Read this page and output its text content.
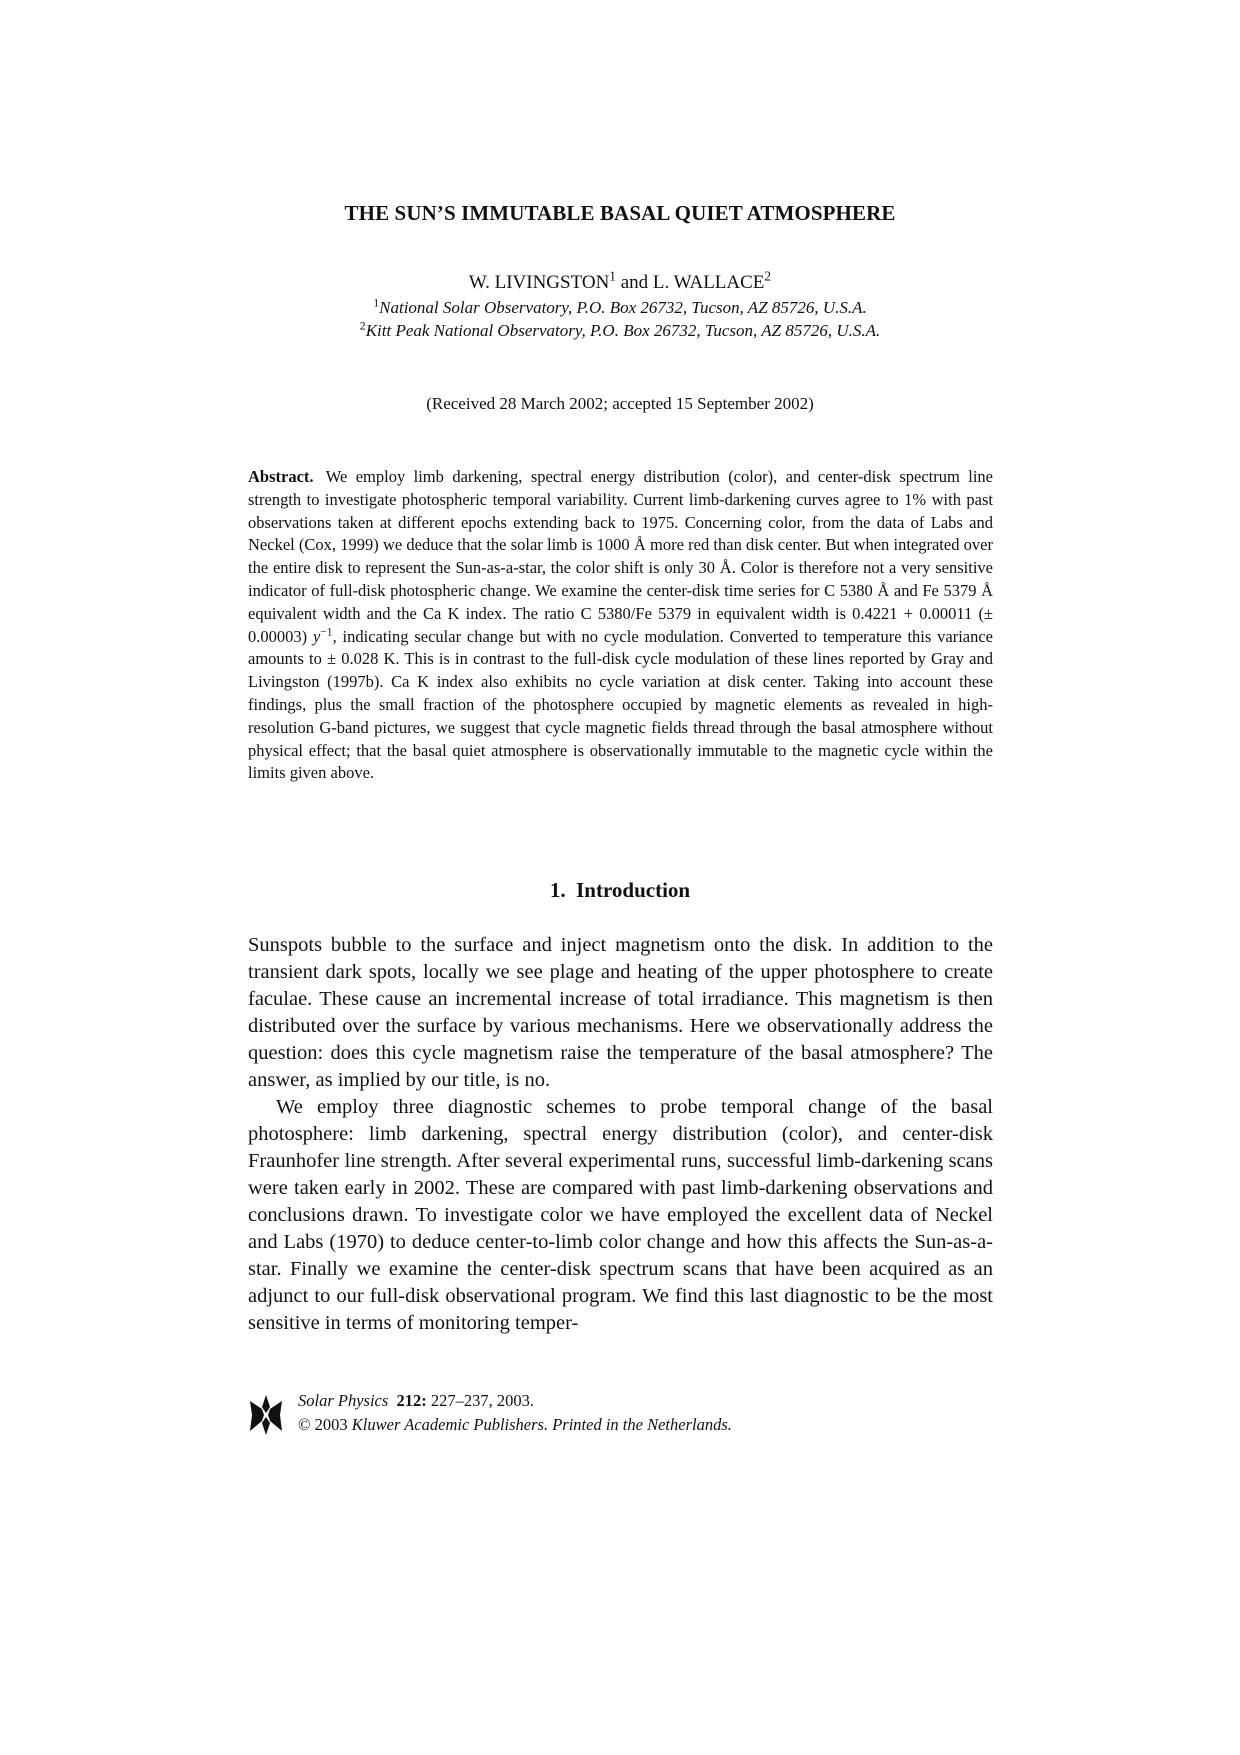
THE SUN’S IMMUTABLE BASAL QUIET ATMOSPHERE
W. LIVINGSTON$^1$ and L. WALLACE$^2$
$^1$National Solar Observatory, P.O. Box 26732, Tucson, AZ 85726, U.S.A.
$^2$Kitt Peak National Observatory, P.O. Box 26732, Tucson, AZ 85726, U.S.A.
(Received 28 March 2002; accepted 15 September 2002)
Abstract. We employ limb darkening, spectral energy distribution (color), and center-disk spectrum line strength to investigate photospheric temporal variability. Current limb-darkening curves agree to 1% with past observations taken at different epochs extending back to 1975. Concerning color, from the data of Labs and Neckel (Cox, 1999) we deduce that the solar limb is 1000 Å more red than disk center. But when integrated over the entire disk to represent the Sun-as-a-star, the color shift is only 30 Å. Color is therefore not a very sensitive indicator of full-disk photospheric change. We examine the center-disk time series for C 5380 Å and Fe 5379 Å equivalent width and the Ca K index. The ratio C 5380/Fe 5379 in equivalent width is 0.4221 + 0.00011 (± 0.00003) $y^{-1}$, indicating secular change but with no cycle modulation. Converted to temperature this variance amounts to ± 0.028 K. This is in contrast to the full-disk cycle modulation of these lines reported by Gray and Livingston (1997b). Ca K index also exhibits no cycle variation at disk center. Taking into account these findings, plus the small fraction of the photosphere occupied by magnetic elements as revealed in high-resolution G-band pictures, we suggest that cycle magnetic fields thread through the basal atmosphere without physical effect; that the basal quiet atmosphere is observationally immutable to the magnetic cycle within the limits given above.
1. Introduction

Sunspots bubble to the surface and inject magnetism onto the disk. In addition to the transient dark spots, locally we see plage and heating of the upper photosphere to create faculae. These cause an incremental increase of total irradiance. This magnetism is then distributed over the surface by various mechanisms. Here we observationally address the question: does this cycle magnetism raise the temperature of the basal atmosphere? The answer, as implied by our title, is no.

We employ three diagnostic schemes to probe temporal change of the basal photosphere: limb darkening, spectral energy distribution (color), and center-disk Fraunhofer line strength. After several experimental runs, successful limb-darkening scans were taken early in 2002. These are compared with past limb-darkening observations and conclusions drawn. To investigate color we have employed the excellent data of Neckel and Labs (1970) to deduce center-to-limb color change and how this affects the Sun-as-a-star. Finally we examine the center-disk spectrum scans that have been acquired as an adjunct to our full-disk observational program. We find this last diagnostic to be the most sensitive in terms of monitoring temper-

Solar Physics 212: 227–237, 2003.
© 2003 Kluwer Academic Publishers. Printed in the Netherlands.
